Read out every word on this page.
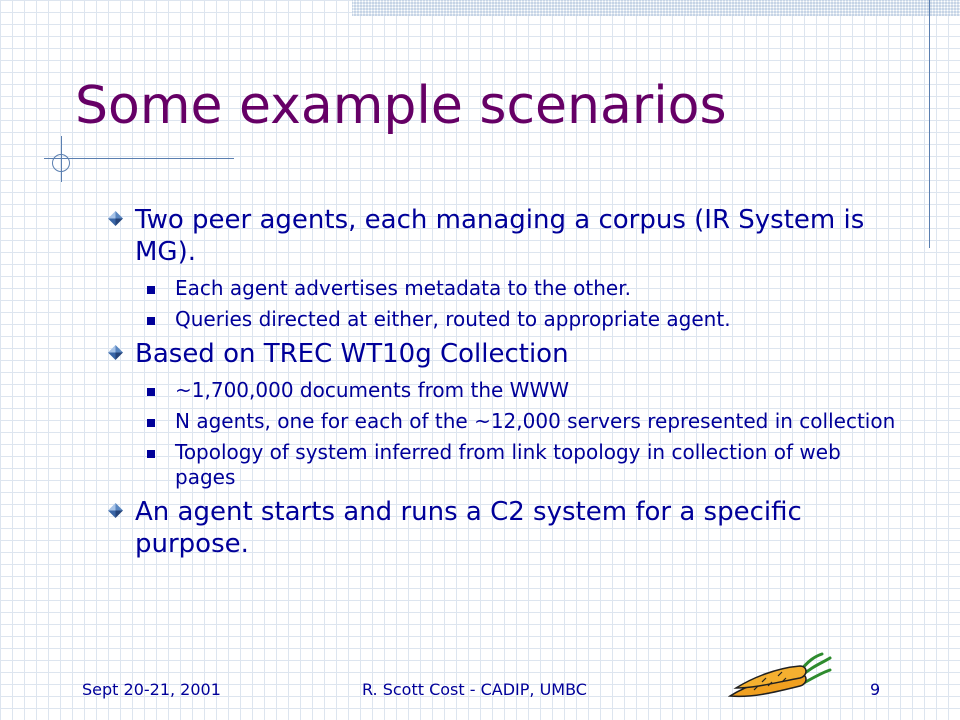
Some example scenarios
Two peer agents, each managing a corpus (IR System is MG).
Each agent advertises metadata to the other.
Queries directed at either, routed to appropriate agent.
Based on TREC WT10g Collection
~1,700,000 documents from the WWW
N agents, one for each of the ~12,000 servers represented in collection
Topology of system inferred from link topology in collection of web pages
An agent starts and runs a C2 system for a specific purpose.
Sept 20-21, 2001	R. Scott Cost - CADIP, UMBC	9
